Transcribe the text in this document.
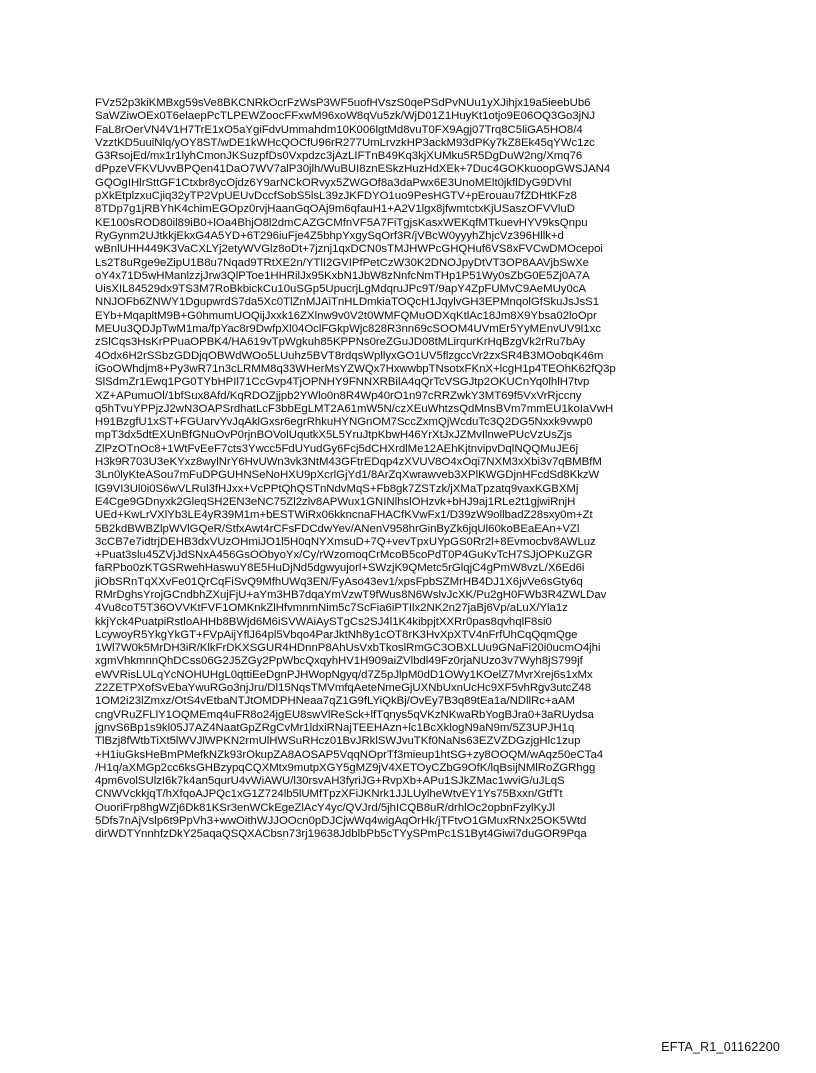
FVz52p3kiKMBxg59sVe8BKCNRkOcrFzWsP3WF5uofHVszS0qePSdPvNUu1yXJihjx19a5ieebUb6
SaWZiwOEx0T6elaepPcTLPEWZoocFFxwM96xoW8qVu5zk/WjD01Z1HuyKt1otjo9E06OQ3Go3jNJ
FaL8rOerVN4V1H7TrE1xO5aYgiFdvUmmahdm10K006lgtMd8vuT0FX9Agj07Trq8C5liGA5HO8/4
VzztKD5uuiNlq/yOY8ST/wDE1kWHcQOCfU96rR277UmLrvzkHP3ackM93dPKy7kZ8Ek45qYWc1zc
G3RsojEd/mx1r1lyhCmonJKSuzpfDs0Vxpdzc3jAzLIFTnB49Kq3kjXUMku5R5DgDuW2ng/Xmq76
dPpzeVFKVUvvBPQen41DaO7WV7alP30jlh/WuBUI8znESkzHuzHdXEk+7Duc4GOKkuoopGWSJAN4
GQOgIHlrSttGF1Ctxbr8ycOjdz6Y9arNCkORvyx5ZWGOf8a3daPwx6E3UnoMElt0jkflDyG9DVhl
pXkEtplzxuCjiq32yTP2VpUEUvDccfSobS5lsL39zJKFDYO1uo9PesHGTV+pErouau7fZDHtKFz8
8TDp7g1jRBYhK4chimEGOpz0rvjHaanGqOAj9m6qfauH1+A2V1lgx8jfwmtctxKjUSaszOFVVluD
KE100sROD80il89iB0+lOa4BhjO8l2dmCAZGCMfnVF5A7FiTgjsKasxWEKqfMTkuevHYV9ksQnpu
RyGynm2UJtkkjEkxG4A5YD+6T296iuFje4Z5bhpYxgySqOrf3R/jVBcW0yyyhZhjcVz396Hllk+d
wBnlUHH449K3VaCXLYj2etyWVGlz8oDt+7jznj1qxDCN0sTMJHWPcGHQHuf6VS8xFVCwDMOcepoi
Ls2T8uRge9eZipU1B8u7Nqad9TRtXE2n/YTlI2GVIPfPetCzW30K2DNOJpyDtVT3OP8AAVjbSwXe
oY4x71D5wHManlzzjJrw3QlPToe1HHRilJx95KxbN1JbW8zNnfcNmTHp1P51Wy0sZbG0E5Zj0A7A
UisXIL84529dx9TS3M7RoBkbickCu10uSGp5UpucrjLgMdqruJPc9T/9apY4ZpFUMvC9AeMUy0cA
NNJOFb6ZNWY1DgupwrdS7da5Xc0TlZnMJAiTnHLDmkiaTOQcH1JqylvGH3EPMnqolGfSkuJsJsS1
EYb+MqapltM9B+G0hmumUOQijJxxk16ZXlnw9v0V2t0WMFQMuODXqKtlAc18Jm8X9Ybsa02loOpr
MEUu3QDJpTwM1ma/fpYac8r9DwfpXl04OclFGkpWjc828R3nn69cSOOM4UVmEr5YyMEnvUV9l1xc
zSlCqs3HsKrPPuaOPBK4/HA619vTpWgkuh85KPPNs0reZGuJD08tMLirqurKrHqBzgVk2rRu7bAy
4Odx6H2rSSbzGDDjqOBWdWOo5LUuhz5BVT8rdqsWpllyxGO1UV5flzgccVr2zxSR4B3MOobqK46m
iGoOWhdjm8+Py3wR71n3cLRMM8q33WHerMsYZWQx7HxwwbpTNsotxFKnX+lcgH1p4TEOhK62fQ3p
SlSdmZr1Ewq1PG0TYbHPIl71CcGvp4TjOPNHY9FNNXRBilA4qQrTcVSGJtp2OKUCnYq0lhlH7tvp
XZ+APumuOl/1bfSux8Afd/KqRDOZjjpb2YWlo0n8R4Wp40rO1n97cRRZwkY3MT69f5VxVrRjccny
q5hTvuYPPjzJ2wN3OAPSrdhatLcF3bbEgLMT2A61mW5N/czXEuWhtzsQdMnsBVm7mmEU1koIaVwH
H91BzgfU1xST+FGUarvYvJqAklGxsr6egrRhkuHYNGnOM7SccZxmQjWcduTc3Q2DG5Nxxk9vwp0
mpT3dx5dtEXUnBfGNuOvP0rjnBOVolUqutkX5L5YruJtpKbwH46YrXtJxJZMvIlnwePUcVzUsZjs
ZlPzOTnOc8+1WtFvEeF7cts3Ywcc5FdUYudGy6Fcj5dCHXrdlMe12AEhKjtnvipvDqlNQQMuJE6j
H3k9R703U3eKYxz8wylNrY6HvUWn3vk3NtM43GFtrEDqp4zXVUV8O4xOqi7NXM3xXbi3v7qBMBfM
3Ln0lyKteASou7mFuDPGUHNSeNoHXU9pXcrlGjYd1/8ArZqXwrawveb3XPlKWGDjnHFcdSd8KkzW
lG9VI3Ul0i0S6wVLRul3fHJxx+VcPPtQhQSTnNdvMqS+Fb8gk7ZSTzk/jXMaTpzatq9vaxKGBXMj
E4Cge9GDnyxk2GleqSH2EN3eNC75Zl2zlv8APWux1GNINlhslOHzvk+bHJ9aj1RLe2t1gjwiRnjH
UEd+KwLrVXlYb3LE4yR39M1m+bESTWiRx06kkncnaFHACfKVwFx1/D39zW9ollbadZ28sxy0m+Zt
5B2kdBWBZlpWVlGQeR/StfxAwt4rCFsFDCdwYev/ANenV958hrGinByZk6jqUl60koBEaEAn+VZl
3cCB7e7idtrjDEHB3dxVUzOHmiJO1l5H0qNYXmsuD+7Q+vevTpxUYpGS0Rr2l+8Evmocbv8AWLuz
+Puat3slu45ZVjJdSNxA456GsOObyoYx/Cy/rWzomoqCrMcoB5coPdT0P4GuKvTcH7SJjOPKuZGR
faRPbo0zKTGSRwehHaswuY8E5HuDjNd5dgwyujorl+SWzjK9QMetc5rGlqjC4gPmW8vzL/X6Ed6i
jiObSRnTqXXvFe01QrCqFiSvQ9MfhUWq3EN/FyAso43ev1/xpsFpbSZMrHB4DJ1X6jvVe6sGty6q
RMrDghsYrojGCndbhZXujFjU+aYm3HB7dqaYmVzwT9fWus8N6WslvJcXK/Pu2gH0FWb3R4ZWLDav
4Vu8coT5T36OVVKtFVF1OMKnkZlHfvmnmNim5c7ScFia6iPTIlx2NK2n27jaBj6Vp/aLuX/Yla1z
kkjYck4PuatpiRstloAHHb8BWjd6M6iSVWAiAySTgCs2SJ4l1K4kibpjtXXRr0pas8qvhqlF8si0
LcywoyR5YkgYkGT+FVpAijYflJ64pl5Vbqo4ParJktNh8y1cOT8rK3HvXpXTV4nFrfUhCqQqmQge
1Wl7W0k5MrDH3iR/KlkFrDKXSGUR4HDnnP8AhUsVxbTkoslRmGC3OBXLUu9GNaFi20i0ucmO4jhi
xgmVhkmnnQhDCss06G2J5ZGy2PpWbcQxqyhHV1H909aiZVlbdl49Fz0rjaNUzo3v7Wyh8jS799jf
eWVRisLULqYcNOHUHgL0qttiEeDgnPJHWopNgyq/d7Z5pJlpM0dD1OWy1KOelZ7MvrXrej6s1xMx
Z2ZETPXofSvEbaYwuRGo3njJru/Dl15NqsTMVmfqAeteNmeGjUXNbUxnUcHc9XF5vhRgv3utcZ48
1OM2i23lZmxz/OtS4vEtbaNTJtOMDPHNeaa7qZ1G9fLYiQkBj/OvEy7B3q89tEa1a/NDllRc+aAM
cngVRuZFLlY1OQMEmq4uFR8o24jgEU8swVlReSck+lfTqnys5qVKzNKwaRbYogBJra0+3aRUydsa
jgnvS6Bp1s9kl05J7AZ4NaatGpZRgCvMr1ldxiRNajTEEHAzn+lc1BcXklogN9aN9m/5Z3UPJH1q
TlBzj8fWtbTiXt5lWVJlWPKN2rmUlHWSuRHcz01BvJRklSWJvuTKf0NaNs63EZVZDGzjgHlc1zup
+H1iuGksHeBmPMefkNZk93rOkupZA8AOSAP5VqqNOprTf3mieup1htSG+zy8OOQM/wAqz50eCTa4
/H1q/aXMGp2cc6ksGHBzypqCQXMtx9mutpXGY5gMZ9jV4XETOyCZbG9OfK/lqBsijNMlRoZGRhgg
4pm6volSUlzI6k7k4an5qurU4vWiAWU/l30rsvAH3fyriJG+RvpXb+APu1SJkZMac1wviG/uJLqS
CNWVckkjqT/hXfqoAJPQc1xG1Z724lb5lUMfTpzXFiJKNrk1JJLUylheWtvEY1Ys75Bxxn/GtfTt
OuoriFrp8hgWZj6Dk81KSr3enWCkEgeZlAcY4yc/QVJrd/5jhICQB8uR/drhlOc2opbnFzylKyJl
5Dfs7nAjVslp6t9PpVh3+wwOithWJJOOcn0pDJCjwWq4wigAqOrHk/jTFtvO1GMuxRNx25OK5Wtd
dirWDTYnnhfzDkY25aqaQSQXACbsn73rj19638JdblbPb5cTYySPmPc1S1Byt4Giwi7duGOR9Pqa
EFTA_R1_01162200
